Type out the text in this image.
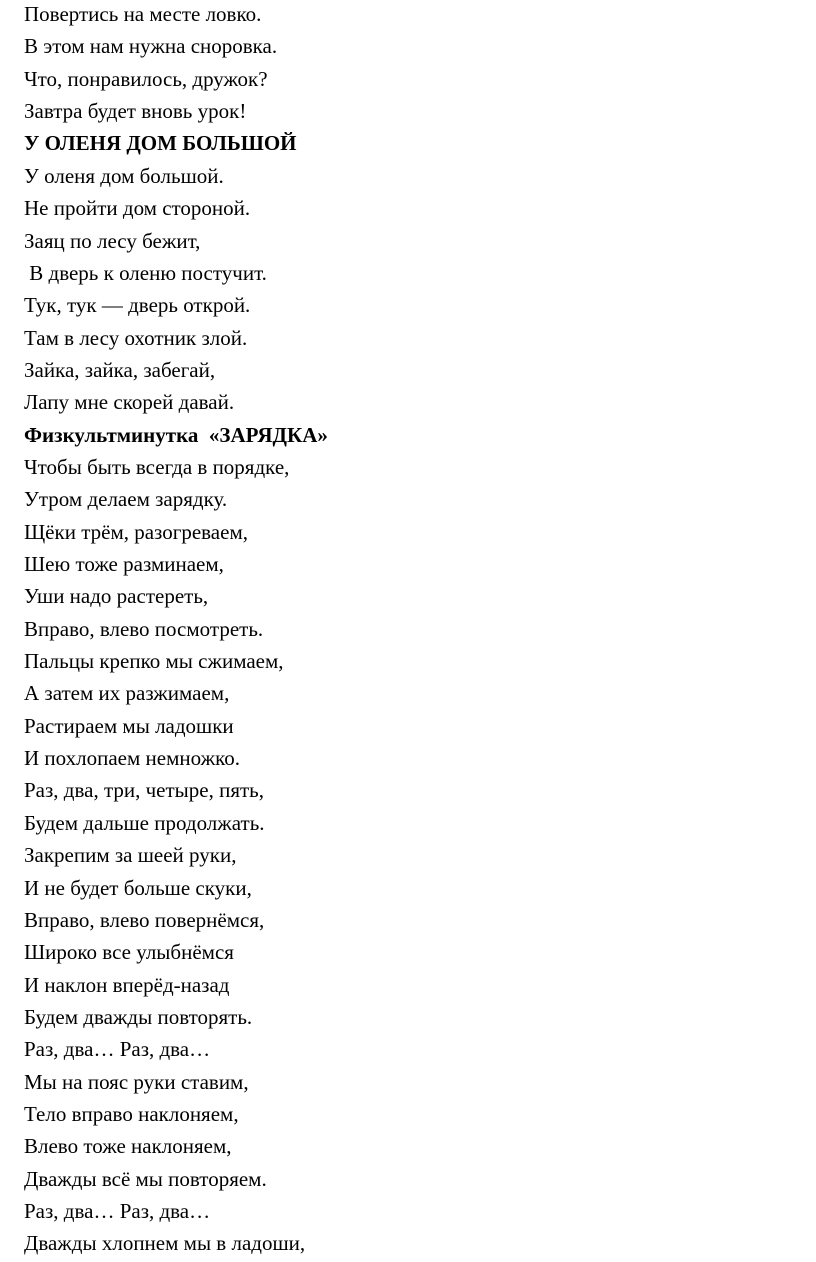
Повертись на месте ловко.
В этом нам нужна сноровка.
Что, понравилось, дружок?
Завтра будет вновь урок!
У ОЛЕНЯ ДОМ БОЛЬШОЙ
У оленя дом большой.
Не пройти дом стороной.
Заяц по лесу бежит,
В дверь к оленю постучит.
Тук, тук — дверь открой.
Там в лесу охотник злой.
Зайка, зайка, забегай,
Лапу мне скорей давай.
Физкультминутка  «ЗАРЯДКА»
Чтобы быть всегда в порядке,
Утром делаем зарядку.
Щёки трём, разогреваем,
Шею тоже разминаем,
Уши надо растереть,
Вправо, влево посмотреть.
Пальцы крепко мы сжимаем,
А затем их разжимаем,
Растираем мы ладошки
И похлопаем немножко.
Раз, два, три, четыре, пять,
Будем дальше продолжать.
Закрепим за шеей руки,
И не будет больше скуки,
Вправо, влево повернёмся,
Широко все улыбнёмся
И наклон вперёд-назад
Будем дважды повторять.
Раз, два… Раз, два…
Мы на пояс руки ставим,
Тело вправо наклоняем,
Влево тоже наклоняем,
Дважды всё мы повторяем.
Раз, два… Раз, два…
Дважды хлопнем мы в ладоши,
